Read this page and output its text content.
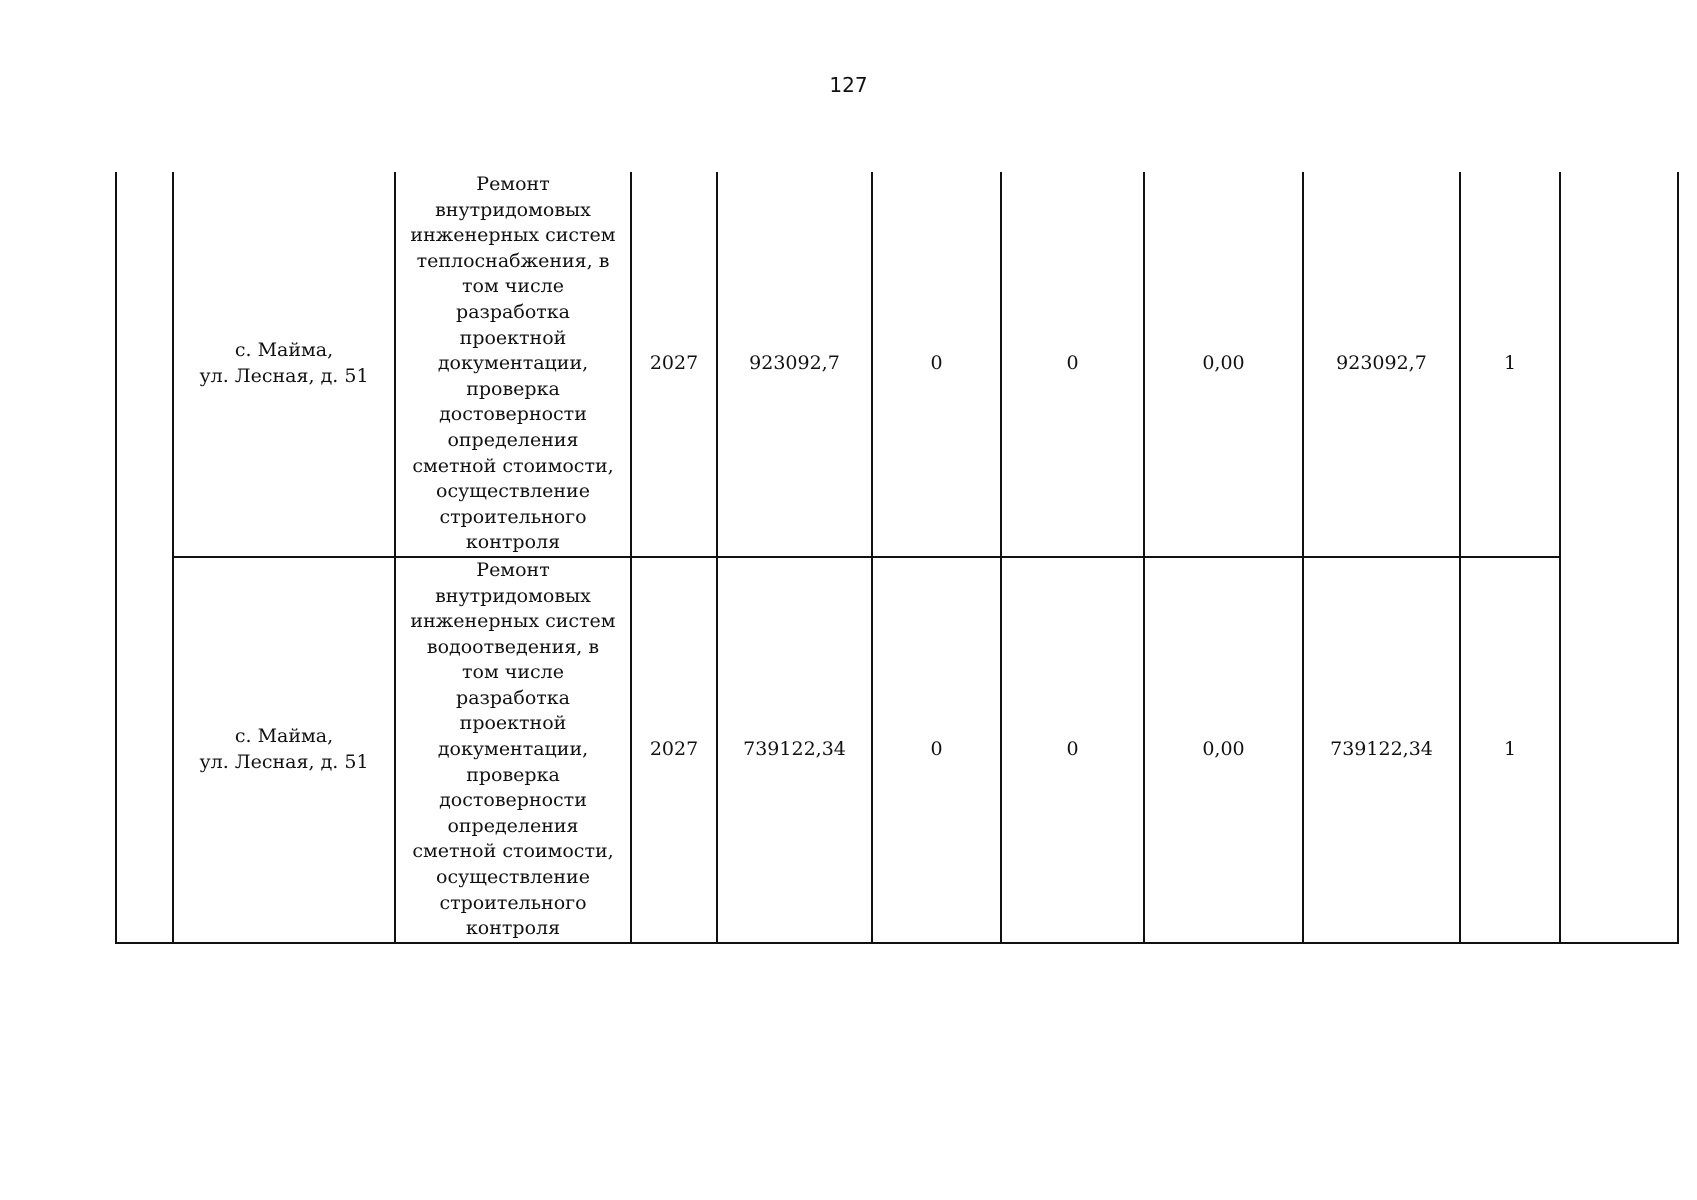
127

	с. Майма,
ул. Лесная, д. 51	Ремонт внутридомовых инженерных систем теплоснабжения, в том числе разработка проектной документации, проверка достоверности определения сметной стоимости, осуществление строительного контроля	2027	923092,7	0	0	0,00	923092,7	1	

	с. Майма,
ул. Лесная, д. 51	Ремонт внутридомовых инженерных систем водоотведения, в том числе разработка проектной документации, проверка достоверности определения сметной стоимости, осуществление строительного контроля	2027	739122,34	0	0	0,00	739122,34	1	
